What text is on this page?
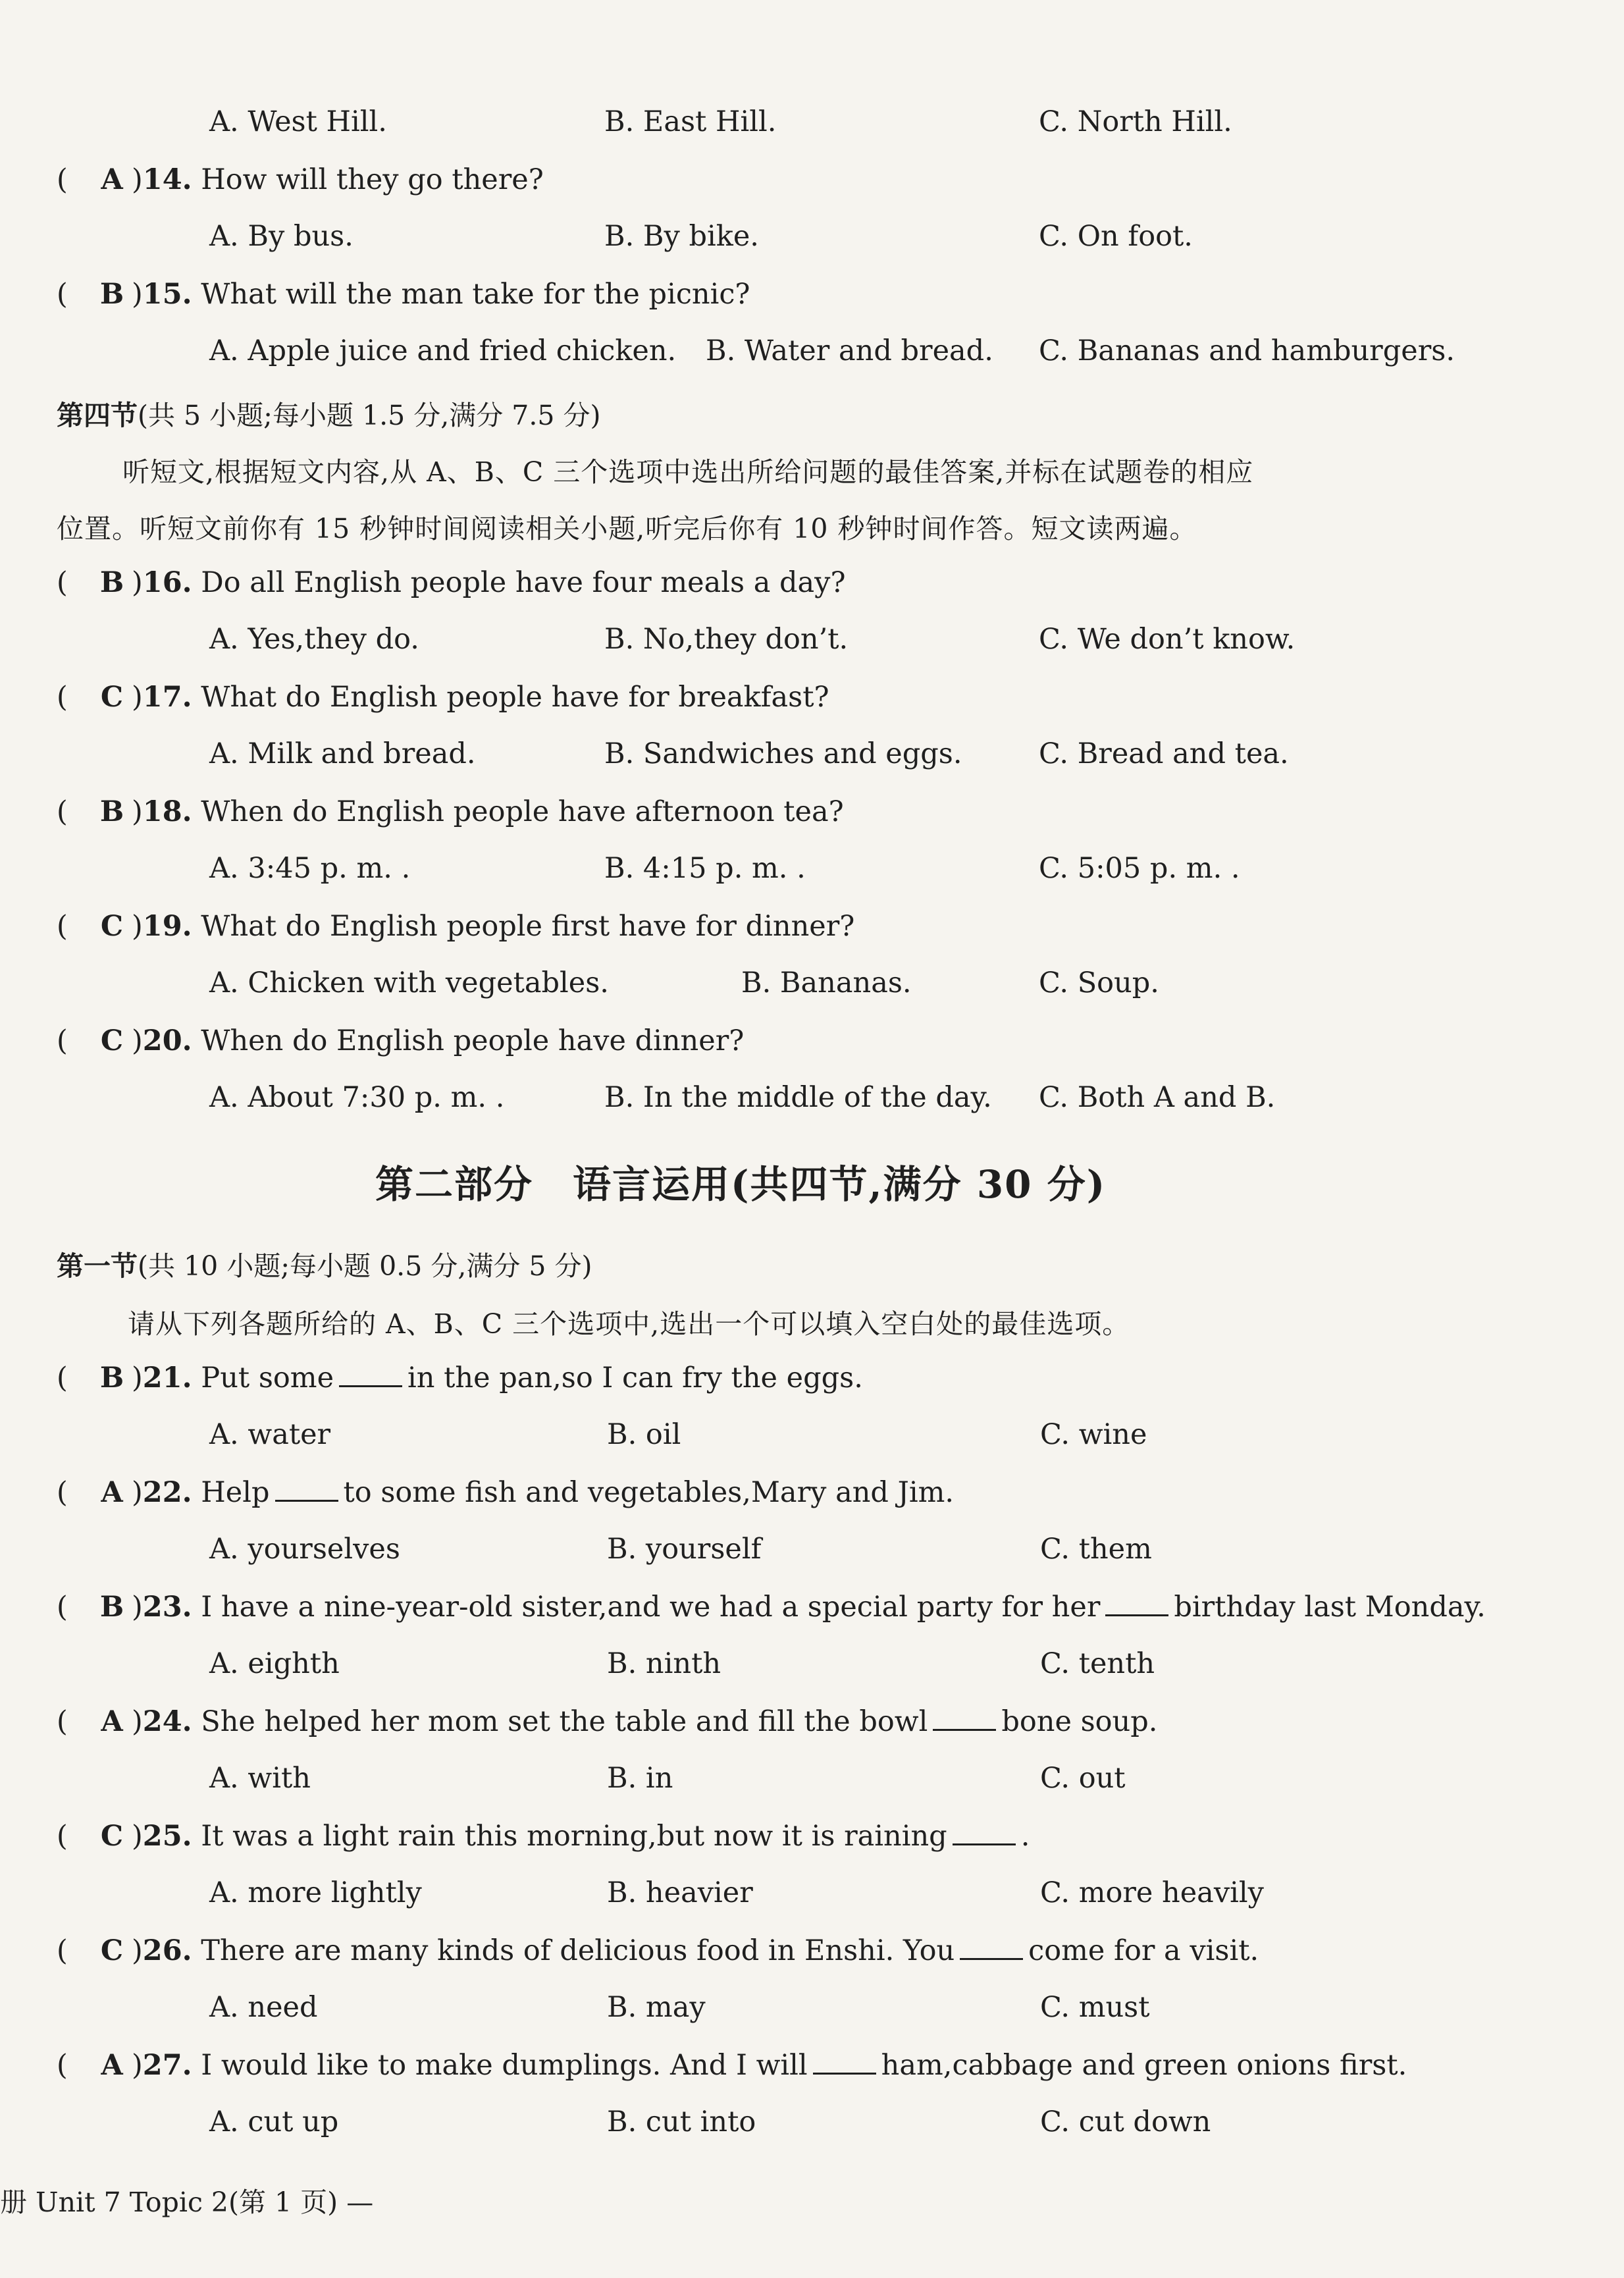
A. West Hill.	B. East Hill.	C. North Hill.
(	A ) 14.
How will they go there?
A. By bus.	B. By bike.	C. On foot.
(	B ) 15.
What will the man take for the picnic?
A. Apple juice and fried chicken. B. Water and bread. C. Bananas and hamburgers.
第四节(共 5 小题;每小题 1.5 分,满分 7.5 分)
听短文,根据短文内容,从 A、B、C 三个选项中选出所给问题的最佳答案,并标在试题卷的相应
位置。听短文前你有 15 秒钟时间阅读相关小题,听完后你有 10 秒钟时间作答。短文读两遍。
(	B ) 16.
Do all English people have four meals a day?
A. Yes,they do.	B. No,they don’t.	C. We don’t know.
(	C ) 17.
What do English people have for breakfast?
A. Milk and bread.	B. Sandwiches and eggs.	C. Bread and tea.
(	B ) 18.
When do English people have afternoon tea?
A. 3:45 p. m. .	B. 4:15 p. m. .	C. 5:05 p. m. .
(	C ) 19.
What do English people first have for dinner?
A. Chicken with vegetables.	B. Bananas.	C. Soup.
(	C ) 20.
When do English people have dinner?
A. About 7:30 p. m. .	B. In the middle of the day. C. Both A and B.
第二部分　语言运用(共四节,满分 30 分)
第一节(共 10 小题;每小题 0.5 分,满分 5 分)
请从下列各题所给的 A、B、C 三个选项中,选出一个可以填入空白处的最佳选项。
(	B ) 21.
Put some	in the pan,so I can fry the eggs.
A. water	B. oil	C. wine
(	A ) 22.
Help	to some fish and vegetables,Mary and Jim.
A. yourselves	B. yourself	C. them
(	B ) 23.
I have a nine-year-old sister,and we had a special party for her	birthday last Monday.
A. eighth	B. ninth	C. tenth
(	A ) 24.
She helped her mom set the table and fill the bowl	bone soup.
A. with	B. in	C. out
(	C ) 25.
It was a light rain this morning,but now it is raining	.
A. more lightly	B. heavier	C. more heavily
(	C ) 26.
There are many kinds of delicious food in Enshi. You	come for a visit.
A. need	B. may	C. must
(	A ) 27.
I would like to make dumplings. And I will	ham,cabbage and green onions first.
A. cut up	B. cut into	C. cut down
册 Unit 7 Topic 2(第 1 页) —
